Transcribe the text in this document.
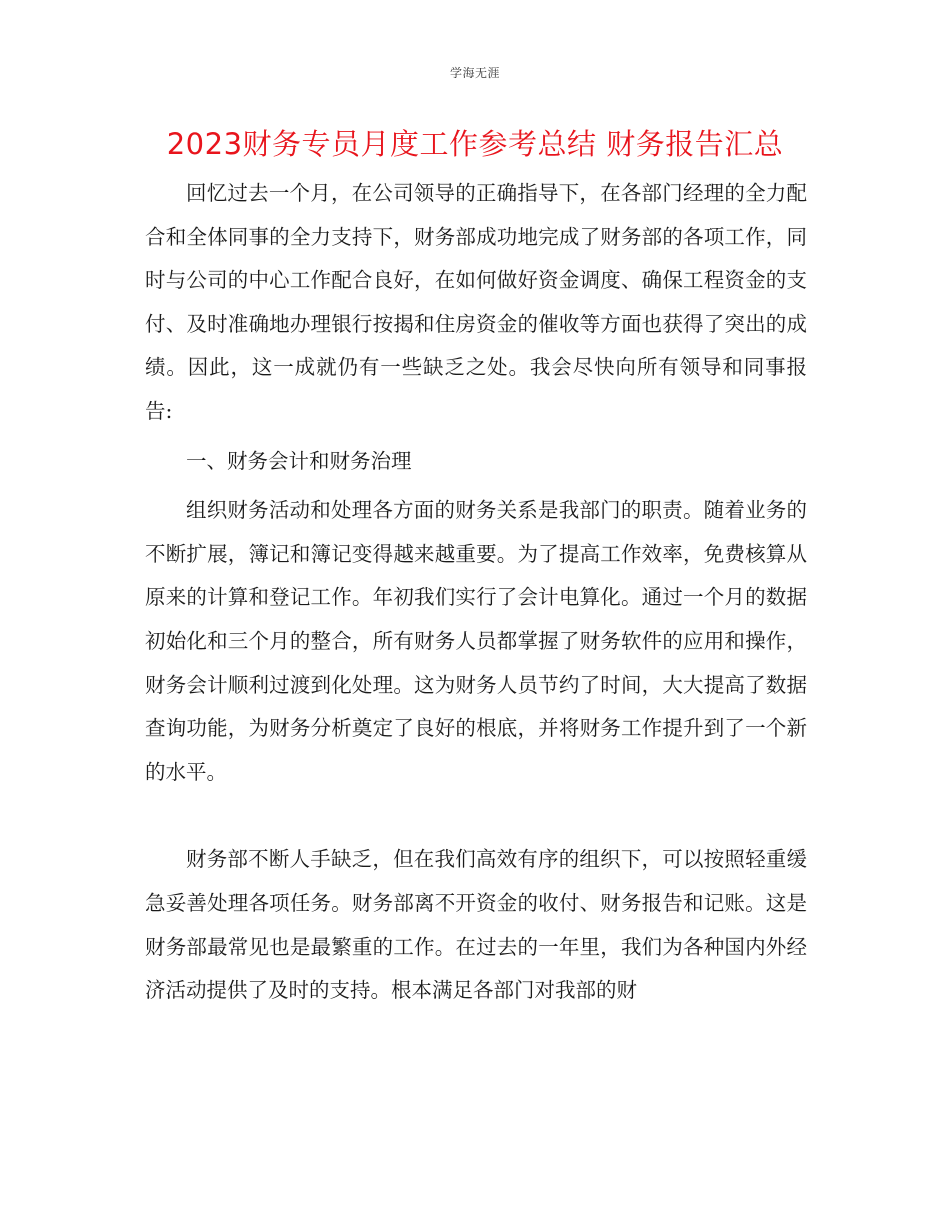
学海无涯
2023财务专员月度工作参考总结 财务报告汇总

回忆过去一个月，在公司领导的正确指导下，在各部门经理的全力配合和全体同事的全力支持下，财务部成功地完成了财务部的各项工作，同时与公司的中心工作配合良好，在如何做好资金调度、确保工程资金的支付、及时准确地办理银行按揭和住房资金的催收等方面也获得了突出的成绩。因此，这一成就仍有一些缺乏之处。我会尽快向所有领导和同事报告:

一、财务会计和财务治理

组织财务活动和处理各方面的财务关系是我部门的职责。随着业务的不断扩展，簿记和簿记变得越来越重要。为了提高工作效率，免费核算从原来的计算和登记工作。年初我们实行了会计电算化。通过一个月的数据初始化和三个月的整合，所有财务人员都掌握了财务软件的应用和操作，财务会计顺利过渡到化处理。这为财务人员节约了时间，大大提高了数据查询功能，为财务分析奠定了良好的根底，并将财务工作提升到了一个新的水平。

财务部不断人手缺乏，但在我们高效有序的组织下，可以按照轻重缓急妥善处理各项任务。财务部离不开资金的收付、财务报告和记账。这是财务部最常见也是最繁重的工作。在过去的一年里，我们为各种国内外经济活动提供了及时的支持。根本满足各部门对我部的财
